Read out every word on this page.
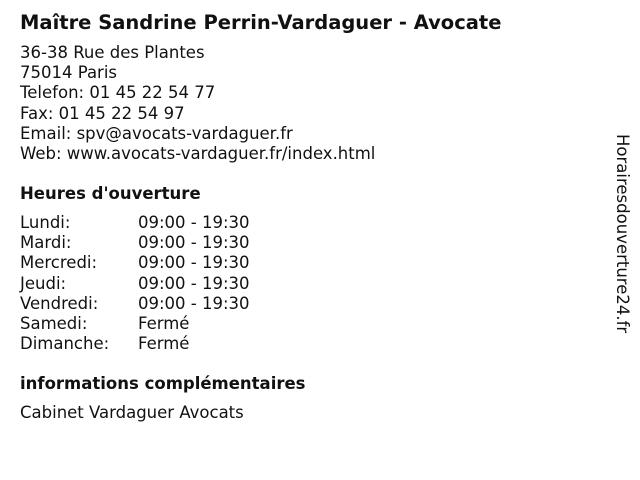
Maître Sandrine Perrin-Vardaguer - Avocate
36-38 Rue des Plantes
75014 Paris
Telefon: 01 45 22 54 77
Fax: 01 45 22 54 97
Email: spv@avocats-vardaguer.fr
Web: www.avocats-vardaguer.fr/index.html
Heures d'ouverture
Lundi:	09:00 - 19:30
Mardi:	09:00 - 19:30
Mercredi: 09:00 - 19:30
Jeudi:	09:00 - 19:30
Vendredi: 09:00 - 19:30
Samedi:	Fermé
Dimanche: Fermé
informations complémentaires
Cabinet Vardaguer Avocats
Horairesdouverture24.fr
